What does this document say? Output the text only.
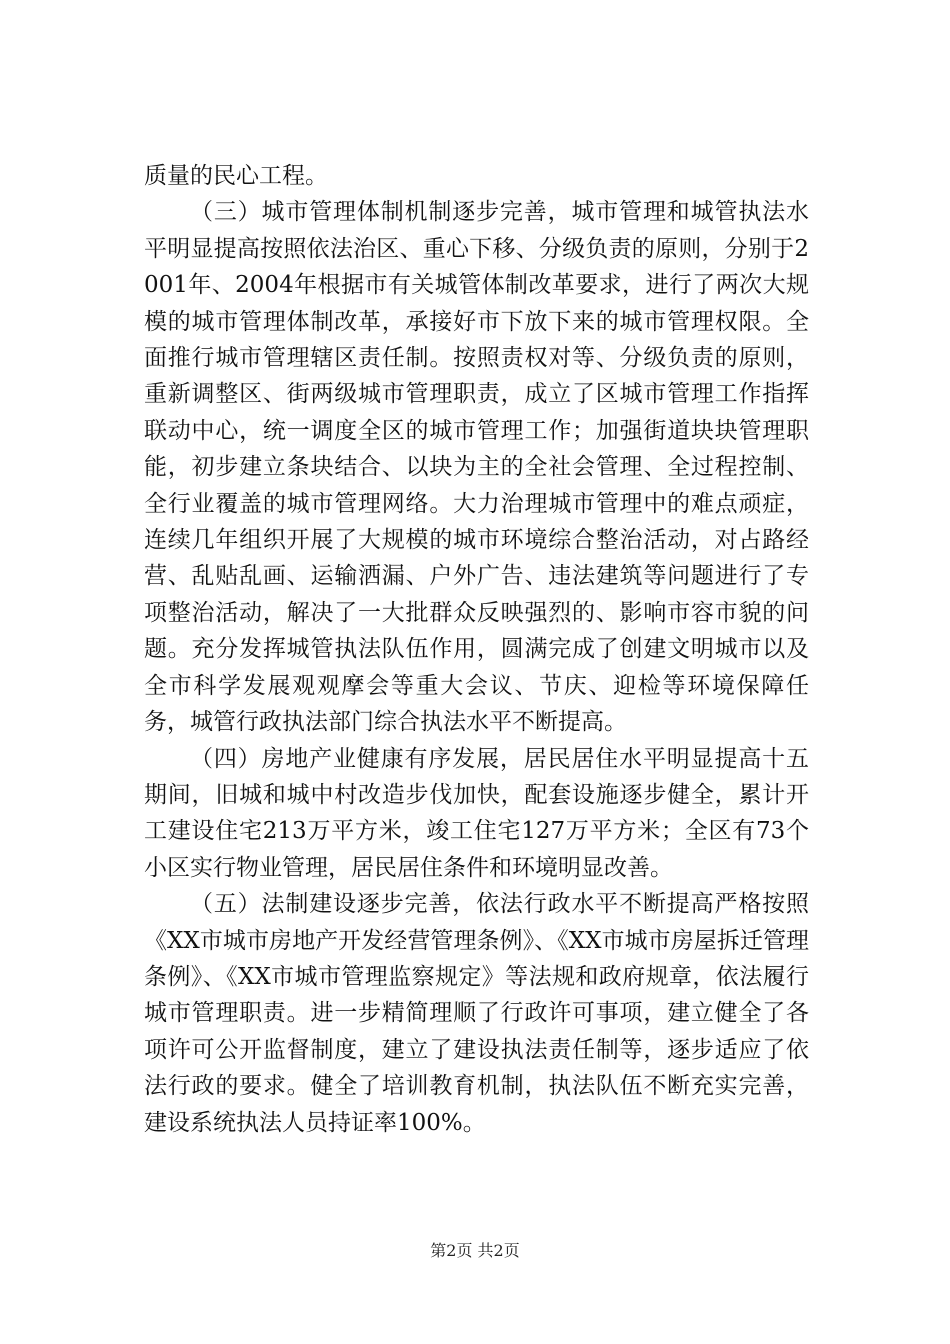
质量的民心工程。

（三）城市管理体制机制逐步完善，城市管理和城管执法水平明显提高按照依法治区、重心下移、分级负责的原则，分别于2001年、2004年根据市有关城管体制改革要求，进行了两次大规模的城市管理体制改革，承接好市下放下来的城市管理权限。全面推行城市管理辖区责任制。按照责权对等、分级负责的原则，重新调整区、街两级城市管理职责，成立了区城市管理工作指挥联动中心，统一调度全区的城市管理工作；加强街道块块管理职能，初步建立条块结合、以块为主的全社会管理、全过程控制、全行业覆盖的城市管理网络。大力治理城市管理中的难点顽症，连续几年组织开展了大规模的城市环境综合整治活动，对占路经营、乱贴乱画、运输洒漏、户外广告、违法建筑等问题进行了专项整治活动，解决了一大批群众反映强烈的、影响市容市貌的问题。充分发挥城管执法队伍作用，圆满完成了创建文明城市以及全市科学发展观观摩会等重大会议、节庆、迎检等环境保障任务，城管行政执法部门综合执法水平不断提高。

（四）房地产业健康有序发展，居民居住水平明显提高十五期间，旧城和城中村改造步伐加快，配套设施逐步健全，累计开工建设住宅213万平方米，竣工住宅127万平方米；全区有73个小区实行物业管理，居民居住条件和环境明显改善。

（五）法制建设逐步完善，依法行政水平不断提高严格按照《XX市城市房地产开发经营管理条例》、《XX市城市房屋拆迁管理条例》、《XX市城市管理监察规定》等法规和政府规章，依法履行城市管理职责。进一步精简理顺了行政许可事项，建立健全了各项许可公开监督制度，建立了建设执法责任制等，逐步适应了依法行政的要求。健全了培训教育机制，执法队伍不断充实完善，建设系统执法人员持证率100%。

第2页 共2页
